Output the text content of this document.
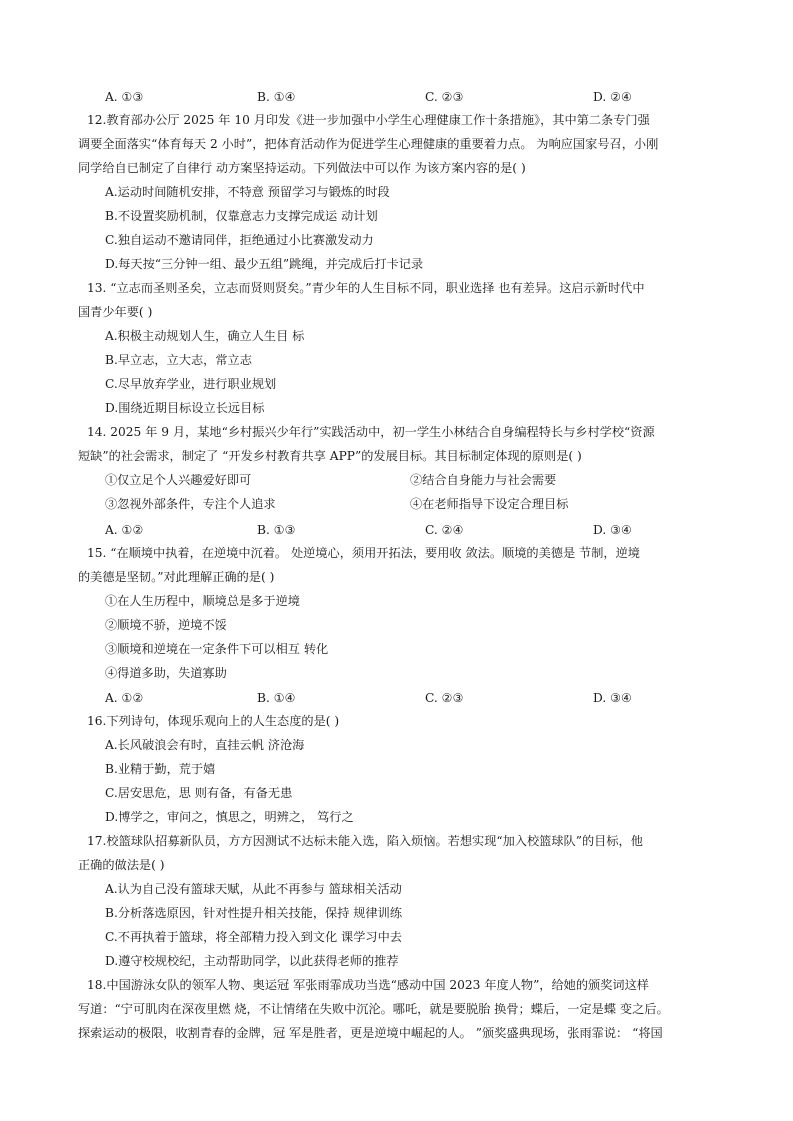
A. ①③	B. ①④	C. ②③	D. ②④
12.教育部办公厅 2025 年 10 月印发《进一步加强中小学生心理健康工作十条措施》，其中第二条专门强
调要全面落实“体育每天 2 小时”，把体育活动作为促进学生心理健康的重要着力点。 为响应国家号召，小刚
同学给自已制定了自律行 动方案坚持运动。下列做法中可以作 为该方案内容的是( )
A.运动时间随机安排，不特意 预留学习与锻炼的时段
B.不设置奖励机制，仅靠意志力支撑完成运 动计划
C.独自运动不邀请同伴，拒绝通过小比赛激发动力
D.每天按“三分钟一组、最少五组”跳绳，并完成后打卡记录
13. “立志而圣则圣矣，立志而贤则贤矣。”青少年的人生目标不同，职业选择 也有差异。这启示新时代中
国青少年要( )
A.积极主动规划人生，确立人生目 标
B.早立志，立大志，常立志
C.尽早放弃学业，进行职业规划
D.围绕近期目标设立长远目标
14. 2025 年 9 月，某地“乡村振兴少年行”实践活动中，初一学生小林结合自身编程特长与乡村学校“资源
短缺”的社会需求，制定了 “开发乡村教育共享 APP”的发展目标。其目标制定体现的原则是( )
①仅立足个人兴趣爱好即可	②结合自身能力与社会需要
③忽视外部条件，专注个人追求	④在老师指导下设定合理目标
A. ①②	B. ①③	C. ②④	D. ③④
15. “在顺境中执着，在逆境中沉着。 处逆境心，须用开拓法，要用收 敛法。顺境的美德是 节制，逆境
的美德是坚韧。”对此理解正确的是( )
①在人生历程中，顺境总是多于逆境
②顺境不骄，逆境不馁
③顺境和逆境在一定条件下可以相互 转化
④得道多助，失道寡助
A. ①②	B. ①④	C. ②③	D. ③④
16.下列诗句，体现乐观向上的人生态度的是( )
A.长风破浪会有时，直挂云帆 济沧海
B.业精于勤，荒于嬉
C.居安思危，思 则有备，有备无患
D.博学之，审问之，慎思之，明辨之， 笃行之
17.校篮球队招募新队员，方方因测试不达标未能入选，陷入烦恼。若想实现“加入校篮球队”的目标，他
正确的做法是( )
A.认为自己没有篮球天赋，从此不再参与 篮球相关活动
B.分析落选原因，针对性提升相关技能，保持 规律训练
C.不再执着于篮球，将全部精力投入到文化 课学习中去
D.遵守校规校纪，主动帮助同学，以此获得老师的推荐
18.中国游泳女队的领军人物、奥运冠 军张雨霏成功当选“感动中国 2023 年度人物”，给她的颁奖词这样
写道：“宁可肌肉在深夜里燃 烧，不让情绪在失败中沉沦。哪吒，就是要脱胎 换骨；蝶后，一定是蝶 变之后。
探索运动的极限，收割青春的金牌，冠 军是胜者，更是逆境中崛起的人。 ”颁奖盛典现场，张雨霏说： “将国
